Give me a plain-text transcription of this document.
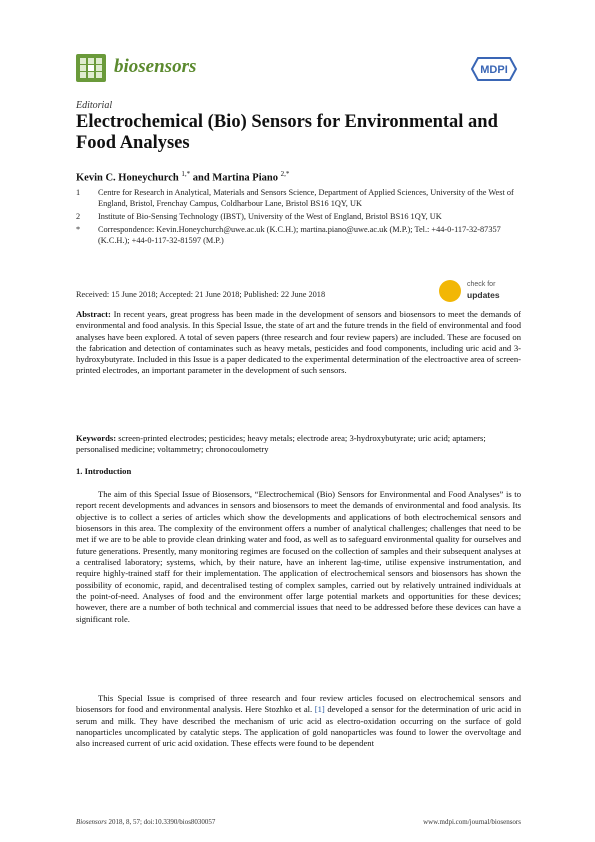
biosensors	MDPI
Editorial
Electrochemical (Bio) Sensors for Environmental and Food Analyses
Kevin C. Honeychurch $^{1,*}$ and Martina Piano $^{2,*}$
1	Centre for Research in Analytical, Materials and Sensors Science, Department of Applied Sciences, University of the West of England, Bristol, Frenchay Campus, Coldharbour Lane, Bristol BS16 1QY, UK
2	Institute of Bio-Sensing Technology (IBST), University of the West of England, Bristol BS16 1QY, UK
*	Correspondence: Kevin.Honeychurch@uwe.ac.uk (K.C.H.); martina.piano@uwe.ac.uk (M.P.); Tel.: +44-0-117-32-87357 (K.C.H.); +44-0-117-32-81597 (M.P.)
Received: 15 June 2018; Accepted: 21 June 2018; Published: 22 June 2018
check for
updates
Abstract: In recent years, great progress has been made in the development of sensors and biosensors to meet the demands of environmental and food analysis. In this Special Issue, the state of art and the future trends in the field of environmental and food analyses have been explored. A total of seven papers (three research and four review papers) are included. These are focused on the fabrication and detection of contaminates such as heavy metals, pesticides and food components, including uric acid and 3-hydroxybutyrate. Included in this Issue is a paper dedicated to the experimental determination of the electroactive area of screen-printed electrodes, an important parameter in the development of such sensors.
Keywords: screen-printed electrodes; pesticides; heavy metals; electrode area; 3-hydroxybutyrate; uric acid; aptamers; personalised medicine; voltammetry; chronocoulometry
1. Introduction

The aim of this Special Issue of Biosensors, “Electrochemical (Bio) Sensors for Environmental and Food Analyses” is to report recent developments and advances in sensors and biosensors to meet the demands of environmental and food analysis. Its objective is to collect a series of articles which show the developments and applications of both electrochemical sensors and biosensors in this area. The complexity of the environment offers a number of analytical challenges; challenges that need to be met if we are to be able to provide clean drinking water and food, as well as to safeguard environmental quality for ourselves and future generations. Presently, many monitoring regimes are focused on the collection of samples and their subsequent analyses at a centralised laboratory; systems, which, by their nature, have an inherent lag-time, utilise expensive instrumentation, and require highly-trained staff for their implementation. The application of electrochemical sensors and biosensors has shown the possibility of economic, rapid, and decentralised testing of complex samples, carried out by relatively untrained individuals at the point-of-need. Analyses of food and the environment offer large potential markets and opportunities for these devices; however, there are a number of both technical and commercial issues that need to be addressed before these devices can have a significant role.

This Special Issue is comprised of three research and four review articles focused on electrochemical sensors and biosensors for food and environmental analysis. Here Stozhko et al. [1] developed a sensor for the determination of uric acid in serum and milk. They have described the mechanism of uric acid as electro-oxidation occurring on the surface of gold nanoparticles uncomplicated by catalytic steps. The application of gold nanoparticles was found to lower the overvoltage and also increased current of uric acid oxidation. These effects were found to be dependent

Biosensors 2018, 8, 57; doi:10.3390/bios8030057	www.mdpi.com/journal/biosensors
